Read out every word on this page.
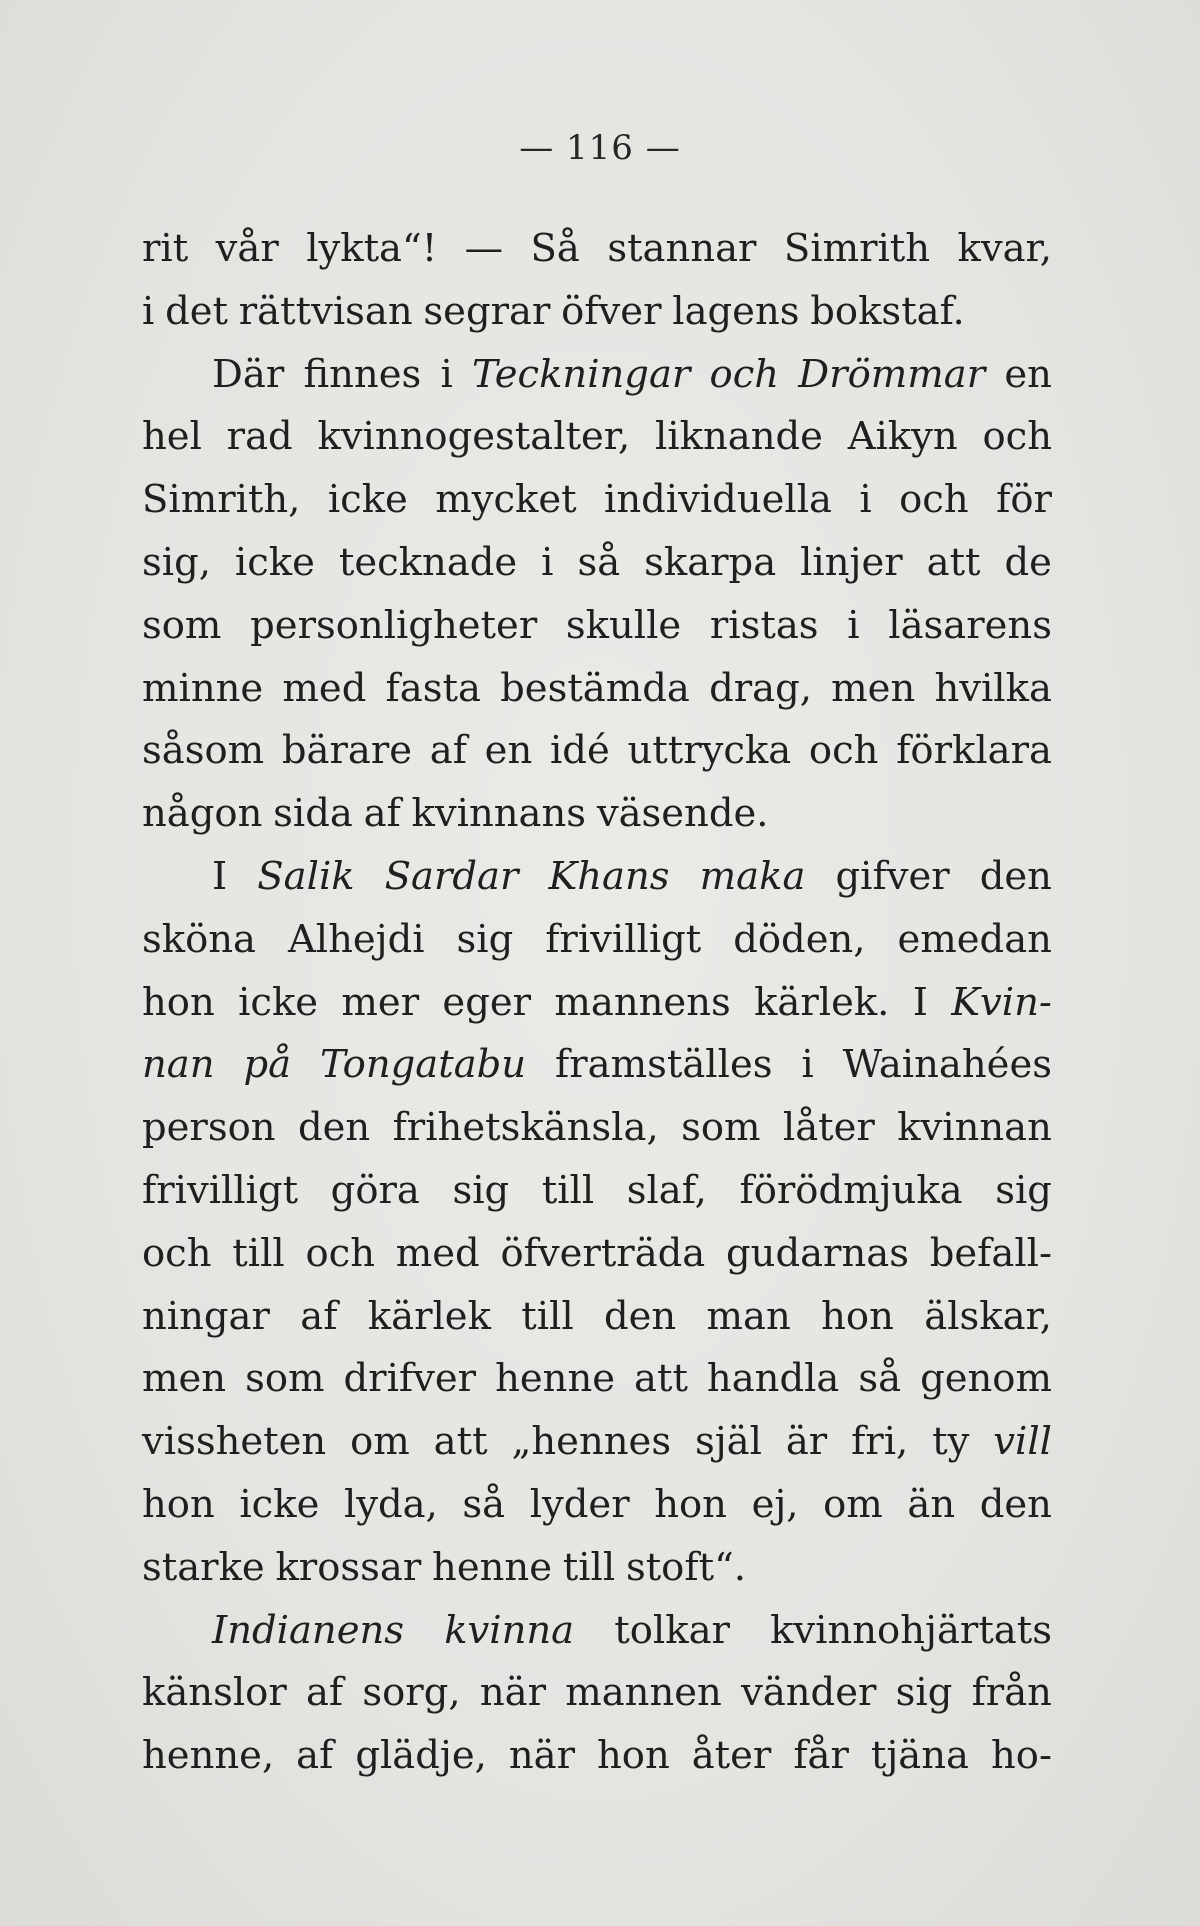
— 116 —
rit vår lykta“! — Så stannar Simrith kvar,
i det rättvisan segrar öfver lagens bokstaf.
Där finnes i Teckningar och Drömmar en
hel rad kvinnogestalter, liknande Aikyn och
Simrith, icke mycket individuella i och för
sig, icke tecknade i så skarpa linjer att de
som personligheter skulle ristas i läsarens
minne med fasta bestämda drag, men hvilka
såsom bärare af en idé uttrycka och förklara
någon sida af kvinnans väsende.
I Salik Sardar Khans maka gifver den
sköna Alhejdi sig frivilligt döden, emedan
hon icke mer eger mannens kärlek. I Kvin-
nan på Tongatabu framställes i Wainahées
person den frihetskänsla, som låter kvinnan
frivilligt göra sig till slaf, förödmjuka sig
och till och med öfverträda gudarnas befall-
ningar af kärlek till den man hon älskar,
men som drifver henne att handla så genom
vissheten om att „hennes själ är fri, ty vill
hon icke lyda, så lyder hon ej, om än den
starke krossar henne till stoft“.
Indianens kvinna tolkar kvinnohjärtats
känslor af sorg, när mannen vänder sig från
henne, af glädje, när hon åter får tjäna ho-
